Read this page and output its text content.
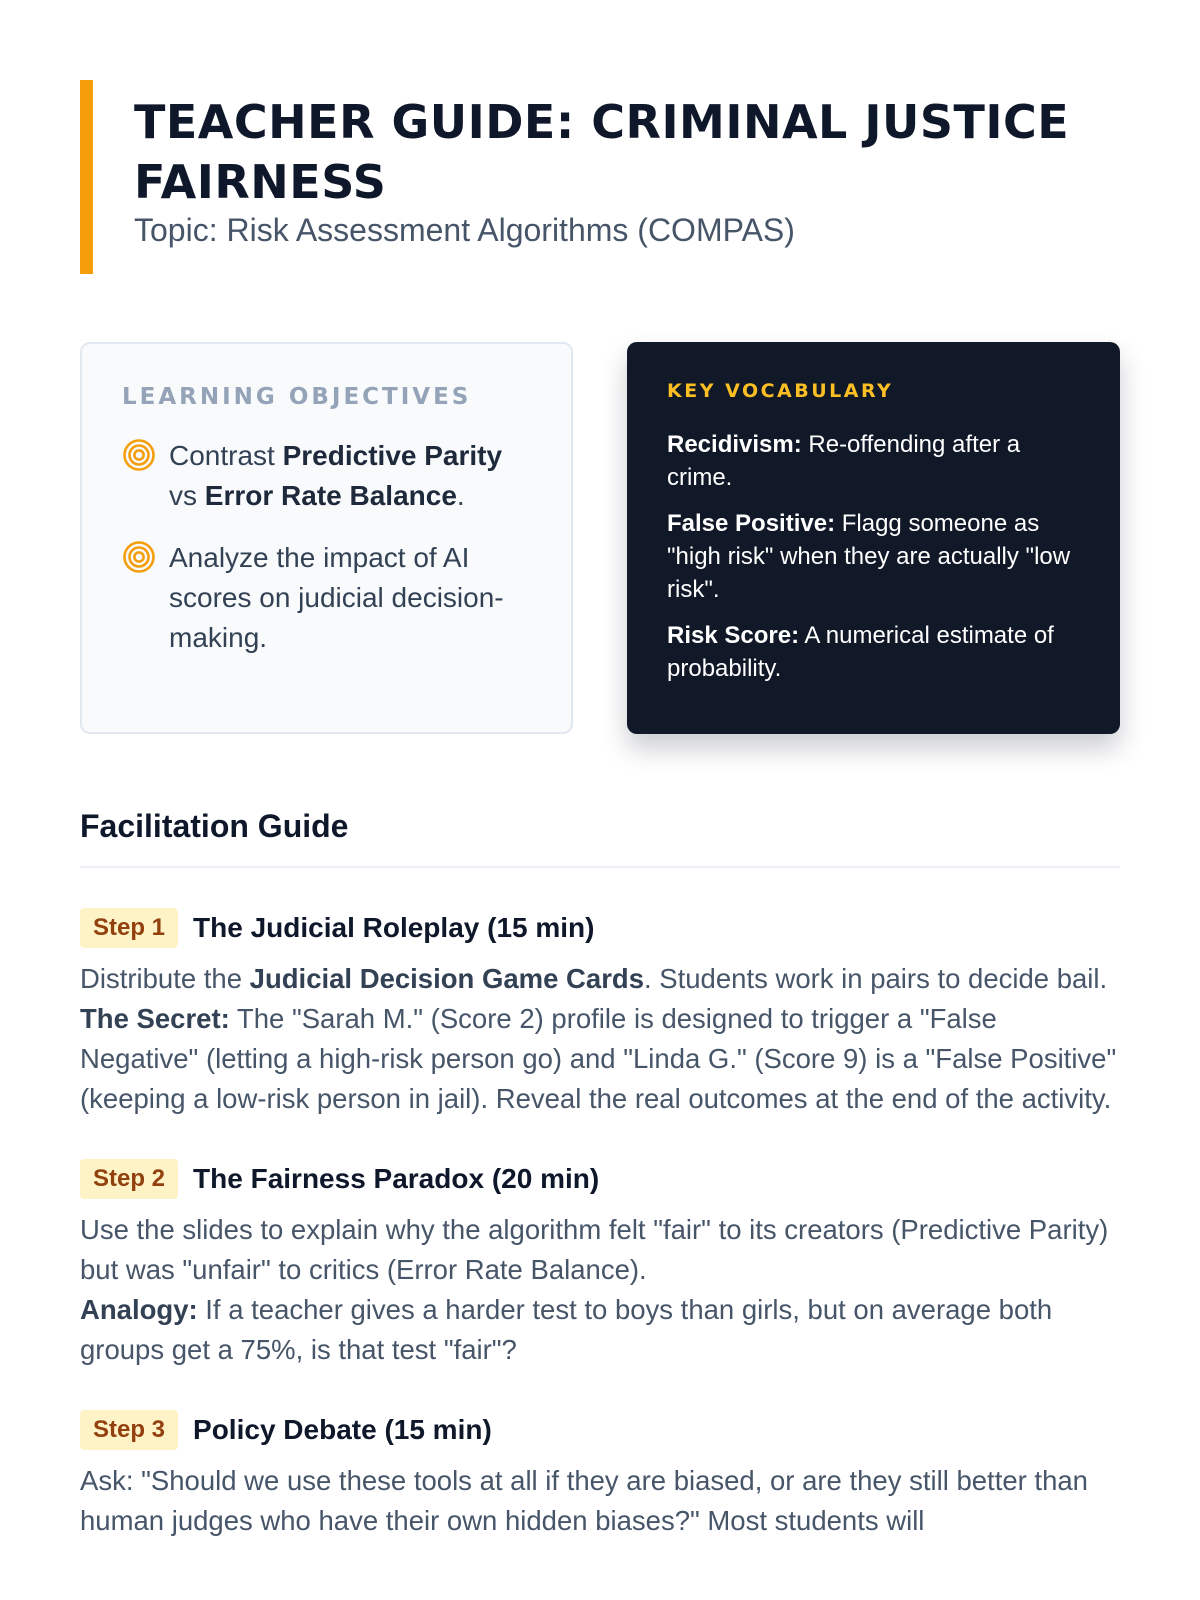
TEACHER GUIDE: CRIMINAL JUSTICE FAIRNESS

Topic: Risk Assessment Algorithms (COMPAS)

LEARNING OBJECTIVES
Contrast Predictive Parity vs Error Rate Balance.
Analyze the impact of AI scores on judicial decision-making.
KEY VOCABULARY
Recidivism: Re-offending after a crime.
False Positive: Flagg someone as "high risk" when they are actually "low risk".
Risk Score: A numerical estimate of probability.
Facilitation Guide
Step 1	The Judicial Roleplay (15 min)

Distribute the Judicial Decision Game Cards. Students work in pairs to decide bail. The Secret: The "Sarah M." (Score 2) profile is designed to trigger a "False Negative" (letting a high-risk person go) and "Linda G." (Score 9) is a "False Positive" (keeping a low-risk person in jail). Reveal the real outcomes at the end of the activity.

Step 2	The Fairness Paradox (20 min)

Use the slides to explain why the algorithm felt "fair" to its creators (Predictive Parity) but was "unfair" to critics (Error Rate Balance).
Analogy: If a teacher gives a harder test to boys than girls, but on average both groups get a 75%, is that test "fair"?

Step 3	Policy Debate (15 min)

Ask: "Should we use these tools at all if they are biased, or are they still better than human judges who have their own hidden biases?" Most students will
